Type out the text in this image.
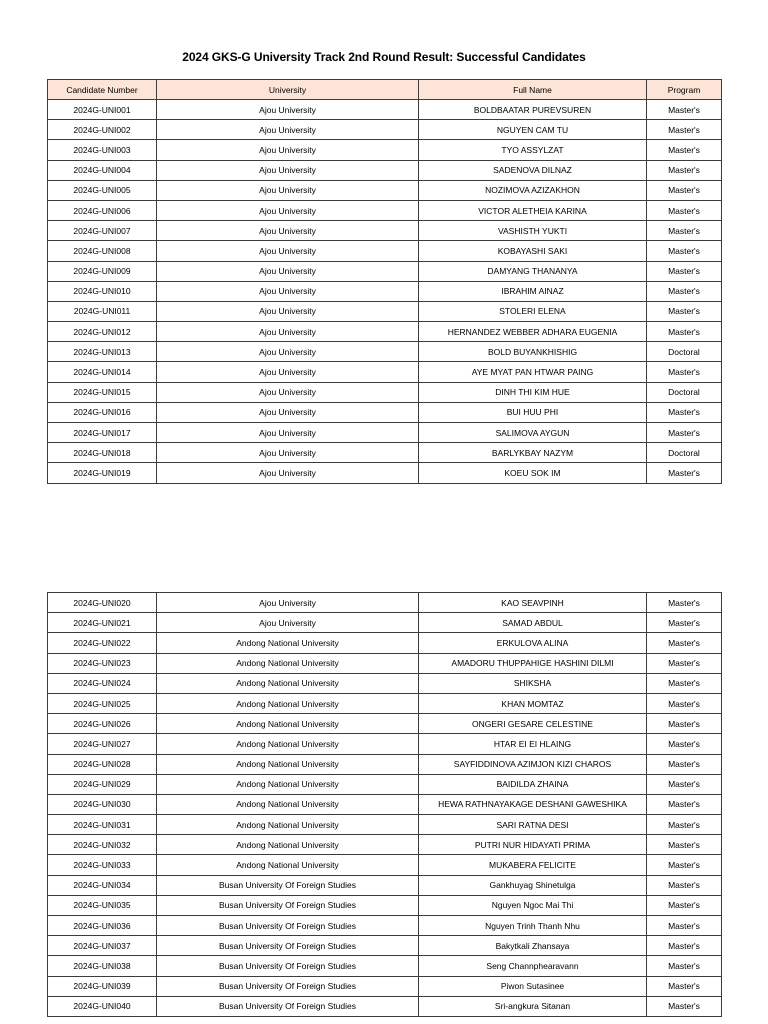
2024 GKS-G University Track 2nd Round Result: Successful Candidates
Candidate Number	University	Full Name	Program
2024G-UNI001	Ajou University	BOLDBAATAR PUREVSUREN	Master's
2024G-UNI002	Ajou University	NGUYEN CAM TU	Master's
2024G-UNI003	Ajou University	TYO ASSYLZAT	Master's
2024G-UNI004	Ajou University	SADENOVA DILNAZ	Master's
2024G-UNI005	Ajou University	NOZIMOVA AZIZAKHON	Master's
2024G-UNI006	Ajou University	VICTOR ALETHEIA KARINA	Master's
2024G-UNI007	Ajou University	VASHISTH YUKTI	Master's
2024G-UNI008	Ajou University	KOBAYASHI SAKI	Master's
2024G-UNI009	Ajou University	DAMYANG THANANYA	Master's
2024G-UNI010	Ajou University	IBRAHIM AINAZ	Master's
2024G-UNI011	Ajou University	STOLERI ELENA	Master's
2024G-UNI012	Ajou University	HERNANDEZ WEBBER ADHARA EUGENIA	Master's
2024G-UNI013	Ajou University	BOLD BUYANKHISHIG	Doctoral
2024G-UNI014	Ajou University	AYE MYAT PAN HTWAR PAING	Master's
2024G-UNI015	Ajou University	DINH THI KIM HUE	Doctoral
2024G-UNI016	Ajou University	BUI HUU PHI	Master's
2024G-UNI017	Ajou University	SALIMOVA AYGUN	Master's
2024G-UNI018	Ajou University	BARLYKBAY NAZYM	Doctoral
2024G-UNI019	Ajou University	KOEU SOK IM	Master's
2024G-UNI020	Ajou University	KAO SEAVPINH	Master's
2024G-UNI021	Ajou University	SAMAD ABDUL	Master's
2024G-UNI022	Andong National University	ERKULOVA ALINA	Master's
2024G-UNI023	Andong National University	AMADORU THUPPAHIGE HASHINI DILMI	Master's
2024G-UNI024	Andong National University	SHIKSHA	Master's
2024G-UNI025	Andong National University	KHAN MOMTAZ	Master's
2024G-UNI026	Andong National University	ONGERI GESARE CELESTINE	Master's
2024G-UNI027	Andong National University	HTAR EI EI HLAING	Master's
2024G-UNI028	Andong National University	SAYFIDDINOVA AZIMJON KIZI CHAROS	Master's
2024G-UNI029	Andong National University	BAIDILDA ZHAINA	Master's
2024G-UNI030	Andong National University	HEWA RATHNAYAKAGE DESHANI GAWESHIKA	Master's
2024G-UNI031	Andong National University	SARI RATNA DESI	Master's
2024G-UNI032	Andong National University	PUTRI NUR HIDAYATI PRIMA	Master's
2024G-UNI033	Andong National University	MUKABERA FELICITE	Master's
2024G-UNI034	Busan University Of Foreign Studies	Gankhuyag Shinetulga	Master's
2024G-UNI035	Busan University Of Foreign Studies	Nguyen Ngoc Mai Thi	Master's
2024G-UNI036	Busan University Of Foreign Studies	Nguyen Trinh Thanh Nhu	Master's
2024G-UNI037	Busan University Of Foreign Studies	Bakytkali Zhansaya	Master's
2024G-UNI038	Busan University Of Foreign Studies	Seng Channphearavann	Master's
2024G-UNI039	Busan University Of Foreign Studies	Piwon Sutasinee	Master's
2024G-UNI040	Busan University Of Foreign Studies	Sri-angkura Sitanan	Master's
